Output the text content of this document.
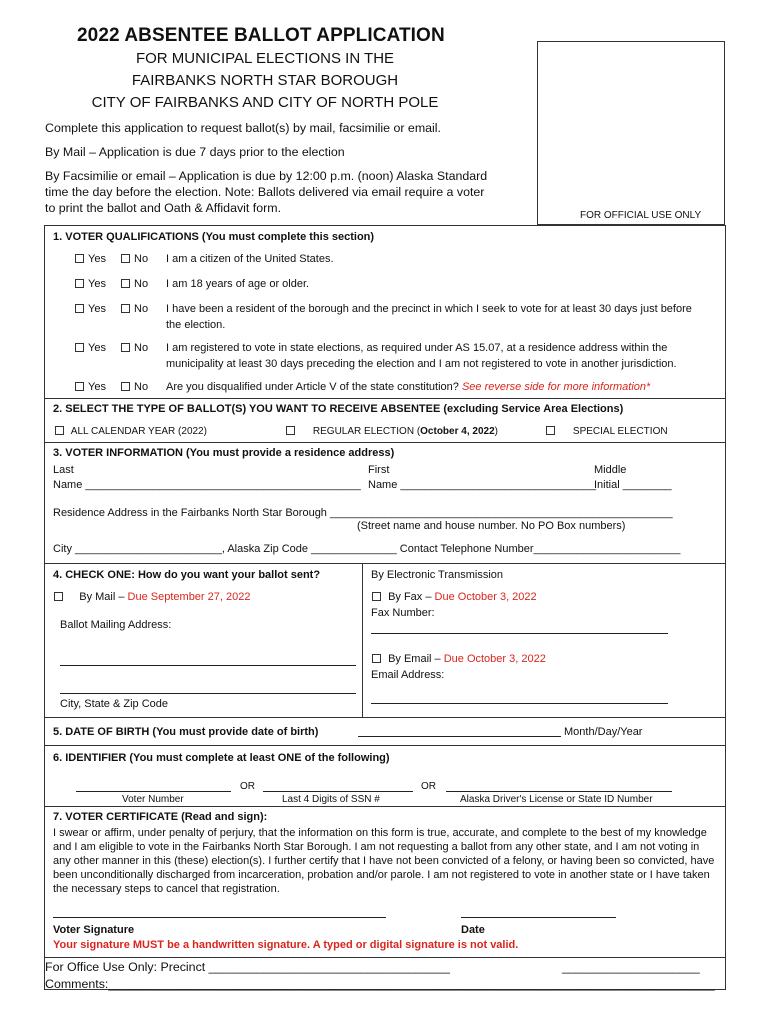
2022 ABSENTEE BALLOT APPLICATION
FOR MUNICIPAL ELECTIONS IN THE
FAIRBANKS NORTH STAR BOROUGH
CITY OF FAIRBANKS AND CITY OF NORTH POLE
FOR OFFICIAL USE ONLY
Complete this application to request ballot(s) by mail, facsimilie or email.
By Mail – Application is due 7 days prior to the election
By Facsimilie or email – Application is due by 12:00 p.m. (noon) Alaska Standard
time the day before the election. Note: Ballots delivered via email require a voter
to print the ballot and Oath & Affidavit form.
1. VOTER QUALIFICATIONS (You must complete this section)
Yes	No I am a citizen of the United States.
Yes	No I am 18 years of age or older.
Yes	No I have been a resident of the borough and the precinct in which I seek to vote for at least 30 days just before
the election.
Yes	No I am registered to vote in state elections, as required under AS 15.07, at a residence address within the
municipality at least 30 days preceding the election and I am not registered to vote in another jurisdiction.
Yes	No Are you disqualified under Article V of the state constitution? See reverse side for more information*
2. SELECT THE TYPE OF BALLOT(S) YOU WANT TO RECEIVE ABSENTEE (excluding Service Area Elections)
ALL CALENDAR YEAR (2022)	REGULAR ELECTION (October 4, 2022)	SPECIAL ELECTION
3. VOTER INFORMATION (You must provide a residence address)
Last
Name _____________________________________________
First
Name ________________________________
Middle
Initial ________
Residence Address in the Fairbanks North Star Borough ________________________________________________________
(Street name and house number. No PO Box numbers)
City ________________________, Alaska Zip Code ______________ Contact Telephone Number________________________
4. CHECK ONE: How do you want your ballot sent?	By Electronic Transmission
By Mail – Due September 27, 2022
Ballot Mailing Address:
City, State & Zip Code
By Fax – Due October 3, 2022
Fax Number:
By Email – Due October 3, 2022
Email Address:
5. DATE OF BIRTH (You must provide date of birth)	Month/Day/Year
6. IDENTIFIER (You must complete at least ONE of the following)
OR	OR
Voter Number	Last 4 Digits of SSN #	Alaska Driver's License or State ID Number
7. VOTER CERTIFICATE (Read and sign):
I swear or affirm, under penalty of perjury, that the information on this form is true, accurate, and complete to the best of my knowledge and I am eligible to vote in the Fairbanks North Star Borough. I am not requesting a ballot from any other state, and I am not voting in any other manner in this (these) election(s). I further certify that I have not been convicted of a felony, or having been so convicted, have been unconditionally discharged from incarceration, probation and/or parole. I am not registered to vote in another state or I have taken the necessary steps to cancel that registration.
Voter Signature	Date
Your signature MUST be a handwritten signature. A typed or digital signature is not valid.
For Office Use Only: Precinct ___________________________________	____________________
Comments:________________________________________________________________________________________
